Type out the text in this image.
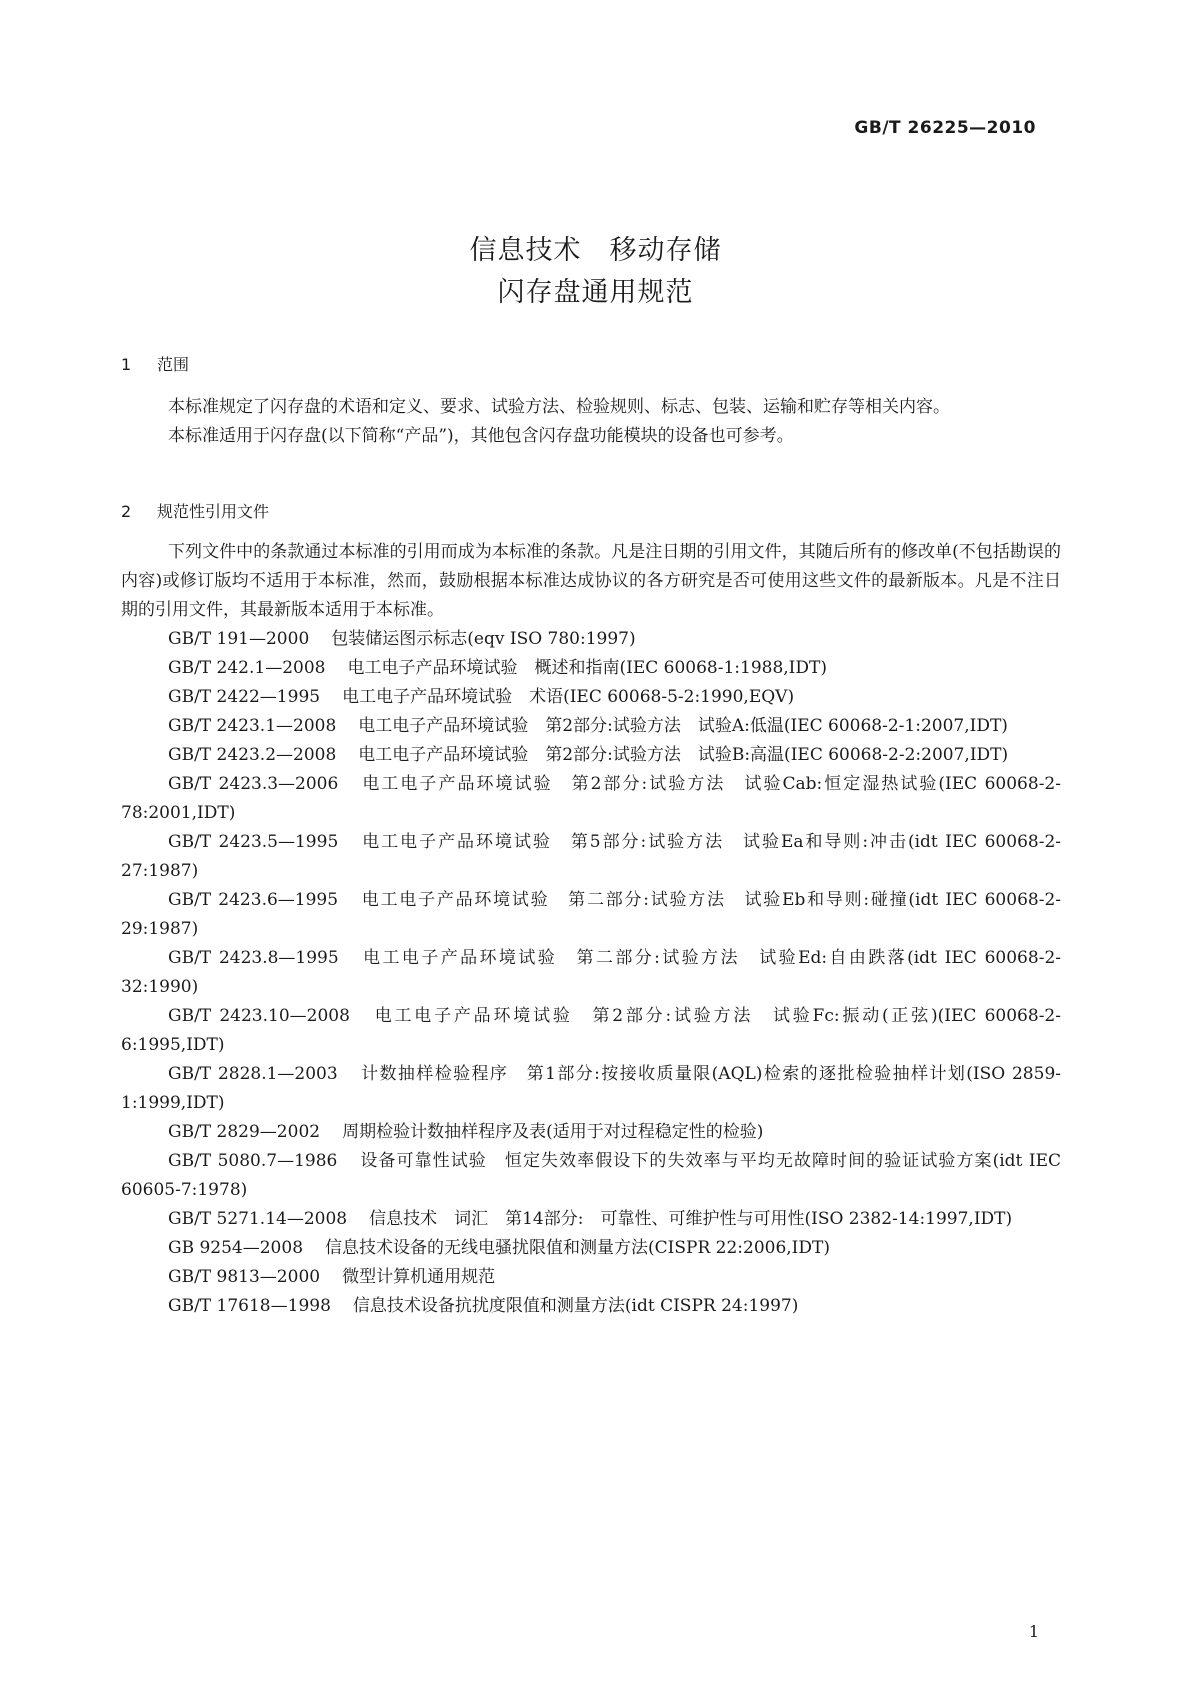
GB/T 26225—2010
信息技术　移动存储
闪存盘通用规范
1 范围

本标准规定了闪存盘的术语和定义、要求、试验方法、检验规则、标志、包装、运输和贮存等相关内容。

本标准适用于闪存盘(以下简称“产品”)，其他包含闪存盘功能模块的设备也可参考。

2 规范性引用文件

下列文件中的条款通过本标准的引用而成为本标准的条款。凡是注日期的引用文件，其随后所有的修改单(不包括勘误的内容)或修订版均不适用于本标准，然而，鼓励根据本标准达成协议的各方研究是否可使用这些文件的最新版本。凡是不注日期的引用文件，其最新版本适用于本标准。

GB/T 191—2000 包装储运图示标志(eqv ISO 780:1997)

GB/T 242.1—2008 电工电子产品环境试验　概述和指南(IEC 60068-1:1988,IDT)

GB/T 2422—1995 电工电子产品环境试验　术语(IEC 60068-5-2:1990,EQV)

GB/T 2423.1—2008 电工电子产品环境试验　第2部分:试验方法　试验A:低温(IEC 60068-2-1:2007,IDT)

GB/T 2423.2—2008 电工电子产品环境试验　第2部分:试验方法　试验B:高温(IEC 60068-2-2:2007,IDT)

GB/T 2423.3—2006 电工电子产品环境试验　第2部分:试验方法　试验Cab:恒定湿热试验(IEC 60068-2-78:2001,IDT)

GB/T 2423.5—1995 电工电子产品环境试验　第5部分:试验方法　试验Ea和导则:冲击(idt IEC 60068-2-27:1987)

GB/T 2423.6—1995 电工电子产品环境试验　第二部分:试验方法　试验Eb和导则:碰撞(idt IEC 60068-2-29:1987)

GB/T 2423.8—1995 电工电子产品环境试验　第二部分:试验方法　试验Ed:自由跌落(idt IEC 60068-2-32:1990)

GB/T 2423.10—2008 电工电子产品环境试验　第2部分:试验方法　试验Fc:振动(正弦)(IEC 60068-2-6:1995,IDT)

GB/T 2828.1—2003 计数抽样检验程序　第1部分:按接收质量限(AQL)检索的逐批检验抽样计划(ISO 2859-1:1999,IDT)

GB/T 2829—2002 周期检验计数抽样程序及表(适用于对过程稳定性的检验)

GB/T 5080.7—1986 设备可靠性试验　恒定失效率假设下的失效率与平均无故障时间的验证试验方案(idt IEC 60605-7:1978)

GB/T 5271.14—2008 信息技术　词汇　第14部分:　可靠性、可维护性与可用性(ISO 2382-14:1997,IDT)

GB 9254—2008 信息技术设备的无线电骚扰限值和测量方法(CISPR 22:2006,IDT)

GB/T 9813—2000 微型计算机通用规范

GB/T 17618—1998 信息技术设备抗扰度限值和测量方法(idt CISPR 24:1997)

1
